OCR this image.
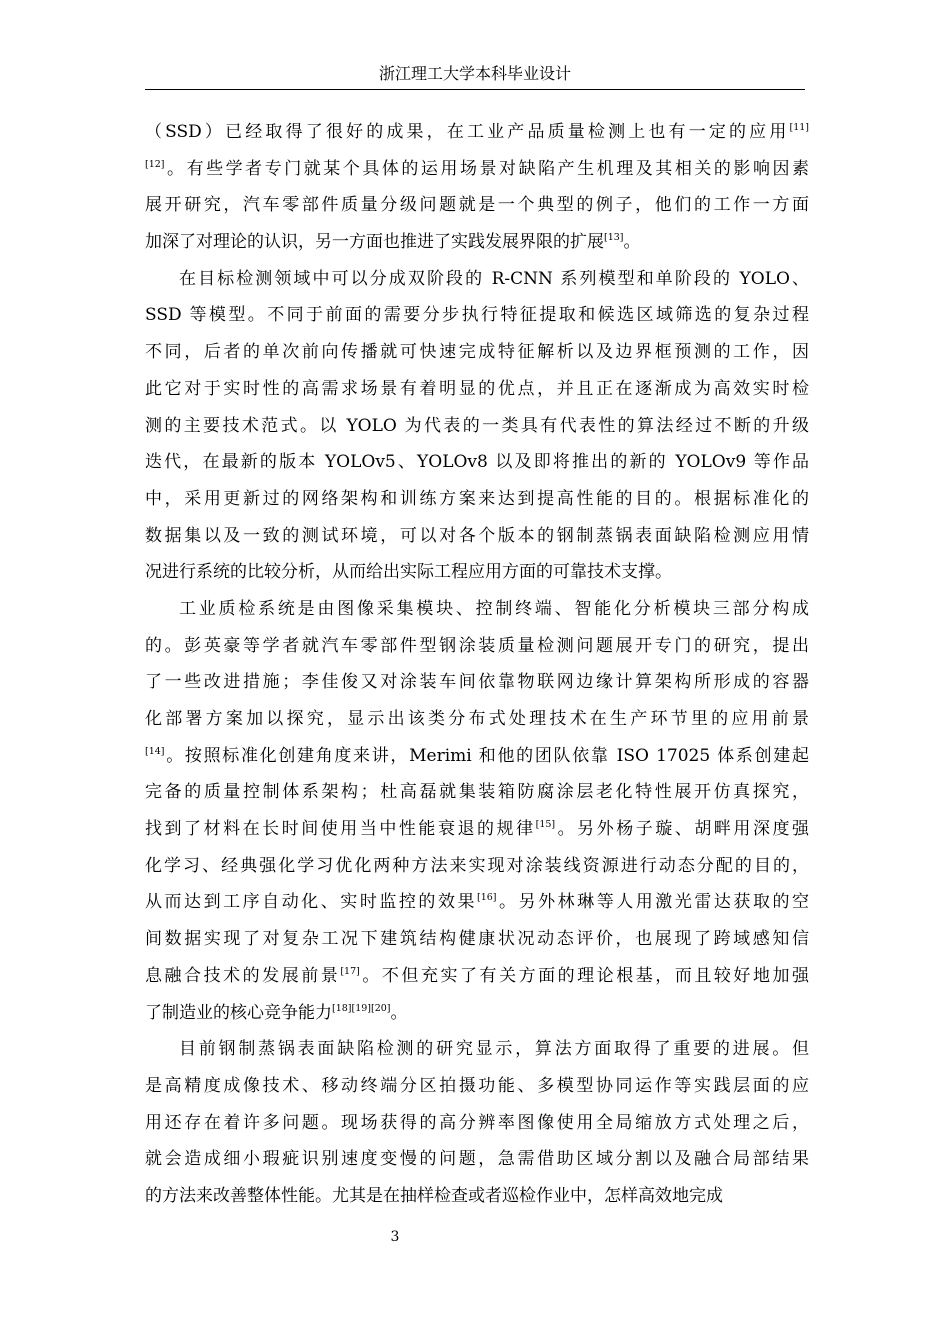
浙江理工大学本科毕业设计
（SSD）已经取得了很好的成果，在工业产品质量检测上也有一定的应用[11]
[12]。有些学者专门就某个具体的运用场景对缺陷产生机理及其相关的影响因素
展开研究，汽车零部件质量分级问题就是一个典型的例子，他们的工作一方面
加深了对理论的认识，另一方面也推进了实践发展界限的扩展[13]。
在目标检测领域中可以分成双阶段的 R-CNN 系列模型和单阶段的 YOLO、
SSD 等模型。不同于前面的需要分步执行特征提取和候选区域筛选的复杂过程
不同，后者的单次前向传播就可快速完成特征解析以及边界框预测的工作，因
此它对于实时性的高需求场景有着明显的优点，并且正在逐渐成为高效实时检
测的主要技术范式。以 YOLO 为代表的一类具有代表性的算法经过不断的升级
迭代，在最新的版本 YOLOv5、YOLOv8 以及即将推出的新的 YOLOv9 等作品
中，采用更新过的网络架构和训练方案来达到提高性能的目的。根据标准化的
数据集以及一致的测试环境，可以对各个版本的钢制蒸锅表面缺陷检测应用情
况进行系统的比较分析，从而给出实际工程应用方面的可靠技术支撑。
工业质检系统是由图像采集模块、控制终端、智能化分析模块三部分构成
的。彭英豪等学者就汽车零部件型钢涂装质量检测问题展开专门的研究，提出
了一些改进措施；李佳俊又对涂装车间依靠物联网边缘计算架构所形成的容器
化部署方案加以探究，显示出该类分布式处理技术在生产环节里的应用前景
[14]。按照标准化创建角度来讲，Merimi 和他的团队依靠 ISO 17025 体系创建起
完备的质量控制体系架构；杜高磊就集装箱防腐涂层老化特性展开仿真探究，
找到了材料在长时间使用当中性能衰退的规律[15]。另外杨子璇、胡畔用深度强
化学习、经典强化学习优化两种方法来实现对涂装线资源进行动态分配的目的，
从而达到工序自动化、实时监控的效果[16]。另外林琳等人用激光雷达获取的空
间数据实现了对复杂工况下建筑结构健康状况动态评价，也展现了跨域感知信
息融合技术的发展前景[17]。不但充实了有关方面的理论根基，而且较好地加强
了制造业的核心竞争能力[18][19][20]。
目前钢制蒸锅表面缺陷检测的研究显示，算法方面取得了重要的进展。但
是高精度成像技术、移动终端分区拍摄功能、多模型协同运作等实践层面的应
用还存在着许多问题。现场获得的高分辨率图像使用全局缩放方式处理之后，
就会造成细小瑕疵识别速度变慢的问题，急需借助区域分割以及融合局部结果
的方法来改善整体性能。尤其是在抽样检查或者巡检作业中，怎样高效地完成
3
